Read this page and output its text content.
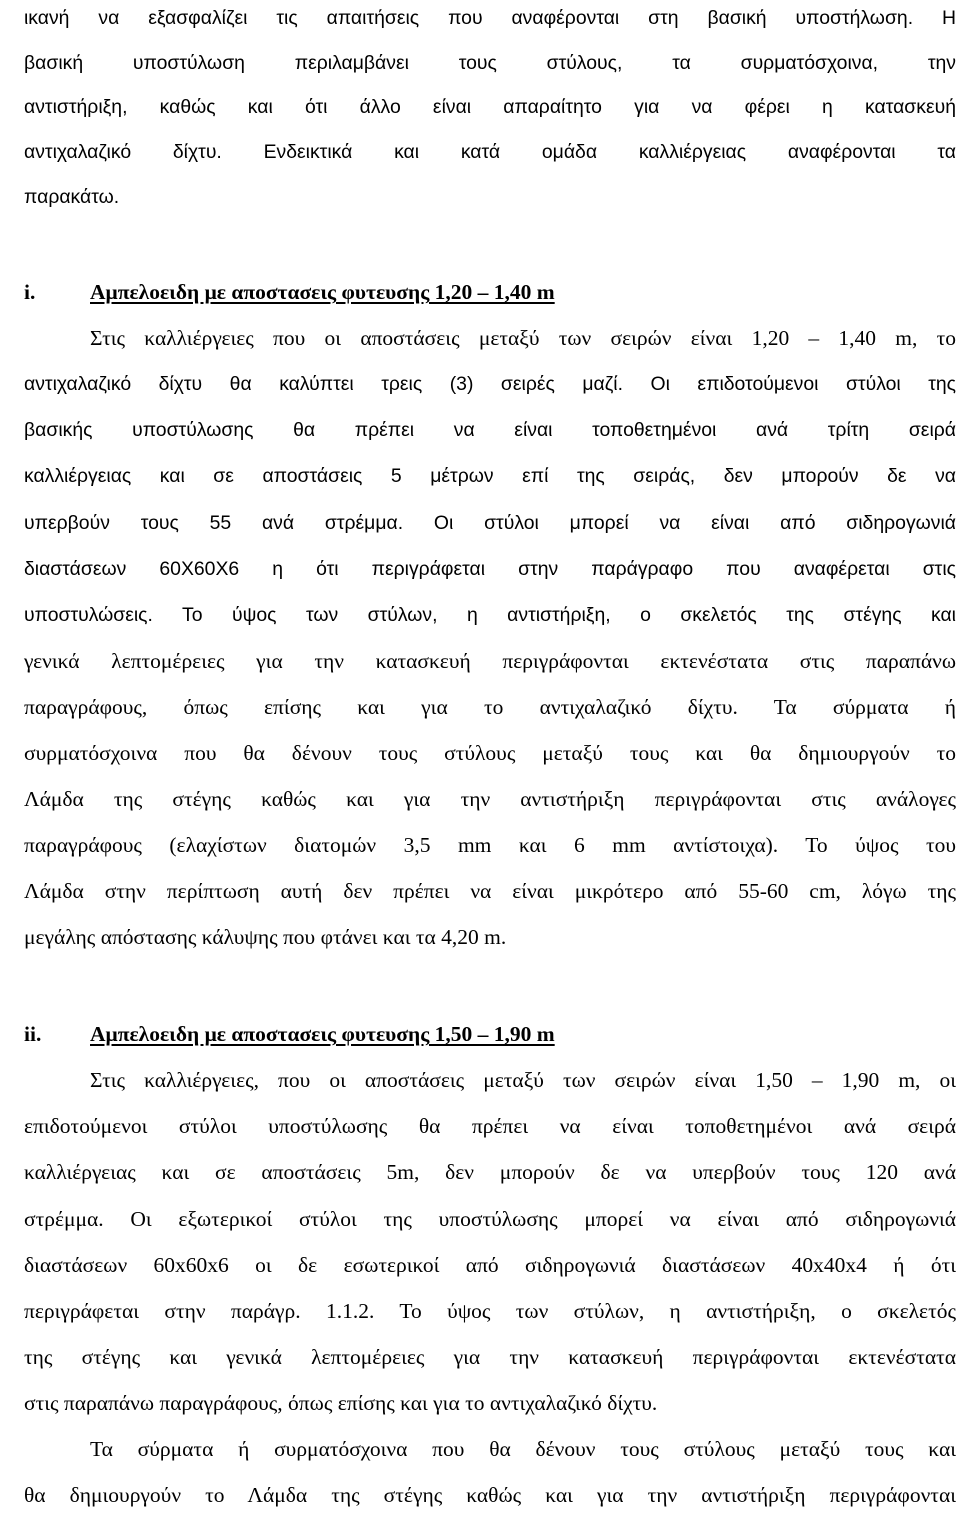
ικανή να εξασφαλίζει τις απαιτήσεις που αναφέρονται στη βασική υποστήλωση. Η
βασική υποστύλωση περιλαμβάνει τους στύλους, τα συρματόσχοινα, την
αντιστήριξη, καθώς και ότι άλλο είναι απαραίτητο για να φέρει η κατασκευή
αντιχαλαζικό δίχτυ. Ενδεικτικά και κατά ομάδα καλλιέργειας αναφέρονται τα
παρακάτω.
i.	Αμπελοειδη με αποστασεις φυτευσης 1,20 – 1,40 m
Στις καλλιέργειες που οι αποστάσεις μεταξύ των σειρών είναι 1,20 – 1,40 m, το
αντιχαλαζικό δίχτυ θα καλύπτει τρεις (3) σειρές μαζί. Οι επιδοτούμενοι στύλοι της
βασικής υποστύλωσης θα πρέπει να είναι τοποθετημένοι ανά τρίτη σειρά
καλλιέργειας και σε αποστάσεις 5 μέτρων επί της σειράς, δεν μπορούν δε να
υπερβούν τους 55 ανά στρέμμα. Οι στύλοι μπορεί να είναι από σιδηρογωνιά
διαστάσεων 60Χ60Χ6 η ότι περιγράφεται στην παράγραφο που αναφέρεται στις
υποστυλώσεις. Το ύψος των στύλων, η αντιστήριξη, ο σκελετός της στέγης και
γενικά λεπτομέρειες για την κατασκευή περιγράφονται εκτενέστατα στις παραπάνω
παραγράφους, όπως επίσης και για το αντιχαλαζικό δίχτυ. Τα σύρματα ή
συρματόσχοινα που θα δένουν τους στύλους μεταξύ τους και θα δημιουργούν το
Λάμδα της στέγης καθώς και για την αντιστήριξη περιγράφονται στις ανάλογες
παραγράφους (ελαχίστων διατομών 3,5 mm και 6 mm αντίστοιχα). Το ύψος του
Λάμδα στην περίπτωση αυτή δεν πρέπει να είναι μικρότερο από 55-60 cm, λόγω της
μεγάλης απόστασης κάλυψης που φτάνει και τα 4,20 m.
ii. Αμπελοειδη με αποστασεις φυτευσης 1,50 – 1,90 m
Στις καλλιέργειες, που οι αποστάσεις μεταξύ των σειρών είναι 1,50 – 1,90 m, οι
επιδοτούμενοι στύλοι υποστύλωσης θα πρέπει να είναι τοποθετημένοι ανά σειρά
καλλιέργειας και σε αποστάσεις 5m, δεν μπορούν δε να υπερβούν τους 120 ανά
στρέμμα. Οι εξωτερικοί στύλοι της υποστύλωσης μπορεί να είναι από σιδηρογωνιά
διαστάσεων 60x60x6 οι δε εσωτερικοί από σιδηρογωνιά διαστάσεων 40x40x4 ή ότι
περιγράφεται στην παράγρ. 1.1.2. Το ύψος των στύλων, η αντιστήριξη, ο σκελετός
της στέγης και γενικά λεπτομέρειες για την κατασκευή περιγράφονται εκτενέστατα
στις παραπάνω παραγράφους, όπως επίσης και για το αντιχαλαζικό δίχτυ.
Τα σύρματα ή συρματόσχοινα που θα δένουν τους στύλους μεταξύ τους και
θα δημιουργούν το Λάμδα της στέγης καθώς και για την αντιστήριξη περιγράφονται
